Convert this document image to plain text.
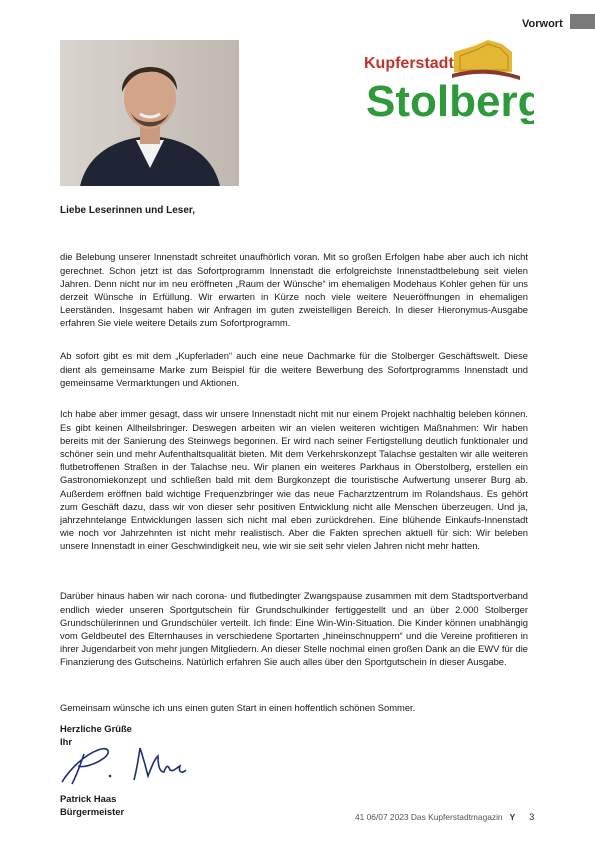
Vorwort
Kupferstadt
Stolberg
Liebe Leserinnen und Leser,

die Belebung unserer Innenstadt schreitet unaufhörlich voran. Mit so großen Erfolgen habe aber auch ich nicht gerechnet. Schon jetzt ist das Sofortprogramm Innenstadt die erfolgreichste Innenstadtbelebung seit vielen Jahren. Denn nicht nur im neu eröffneten „Raum der Wünsche“ im ehemaligen Modehaus Kohler gehen für uns derzeit Wünsche in Erfüllung. Wir erwarten in Kürze noch viele weitere Neueröffnungen in ehemaligen Leerständen. Insgesamt haben wir Anfragen im guten zweistelligen Bereich. In dieser Hieronymus-Ausgabe erfahren Sie viele weitere Details zum Sofortprogramm.

Ab sofort gibt es mit dem „Kupferladen“ auch eine neue Dachmarke für die Stolberger Geschäftswelt. Diese dient als gemeinsame Marke zum Beispiel für die weitere Bewerbung des Sofortprogramms Innenstadt und gemeinsame Vermarktungen und Aktionen.

Ich habe aber immer gesagt, dass wir unsere Innenstadt nicht mit nur einem Projekt nachhaltig beleben können. Es gibt keinen Allheilsbringer. Deswegen arbeiten wir an vielen weiteren wichtigen Maßnahmen: Wir haben bereits mit der Sanierung des Steinwegs begonnen. Er wird nach seiner Fertigstellung deutlich funktionaler und schöner sein und mehr Aufenthaltsqualität bieten. Mit dem Verkehrskonzept Talachse gestalten wir alle weiteren flutbetroffenen Straßen in der Talachse neu. Wir planen ein weiteres Parkhaus in Oberstolberg, erstellen ein Gastronomiekonzept und schließen bald mit dem Burgkonzept die touristische Aufwertung unserer Burg ab. Außerdem eröffnen bald wichtige Frequenzbringer wie das neue Facharztzentrum im Rolandshaus. Es gehört zum Geschäft dazu, dass wir von dieser sehr positiven Entwicklung nicht alle Menschen überzeugen. Und ja, jahrzehntelange Entwicklungen lassen sich nicht mal eben zurückdrehen. Eine blühende Einkaufs-Innenstadt wie noch vor Jahrzehnten ist nicht mehr realistisch. Aber die Fakten sprechen aktuell für sich: Wir beleben unsere Innenstadt in einer Geschwindigkeit neu, wie wir sie seit sehr vielen Jahren nicht mehr hatten.

Darüber hinaus haben wir nach corona- und flutbedingter Zwangspause zusammen mit dem Stadtsportverband endlich wieder unseren Sportgutschein für Grundschulkinder fertiggestellt und an über 2.000 Stolberger Grundschülerinnen und Grundschüler verteilt. Ich finde: Eine Win-Win-Situation. Die Kinder können unabhängig vom Geldbeutel des Elternhauses in verschiedene Sportarten „hineinschnuppern“ und die Vereine profitieren in ihrer Jugendarbeit von mehr jungen Mitgliedern. An dieser Stelle nochmal einen großen Dank an die EWV für die Finanzierung des Gutscheins. Natürlich erfahren Sie auch alles über den Sportgutschein in dieser Ausgabe.

Gemeinsam wünsche ich uns einen guten Start in einen hoffentlich schönen Sommer.

Herzliche Grüße
Ihr
Patrick Haas
Bürgermeister	41 06/07 2023 Das Kupferstadtmagazin Y 3
